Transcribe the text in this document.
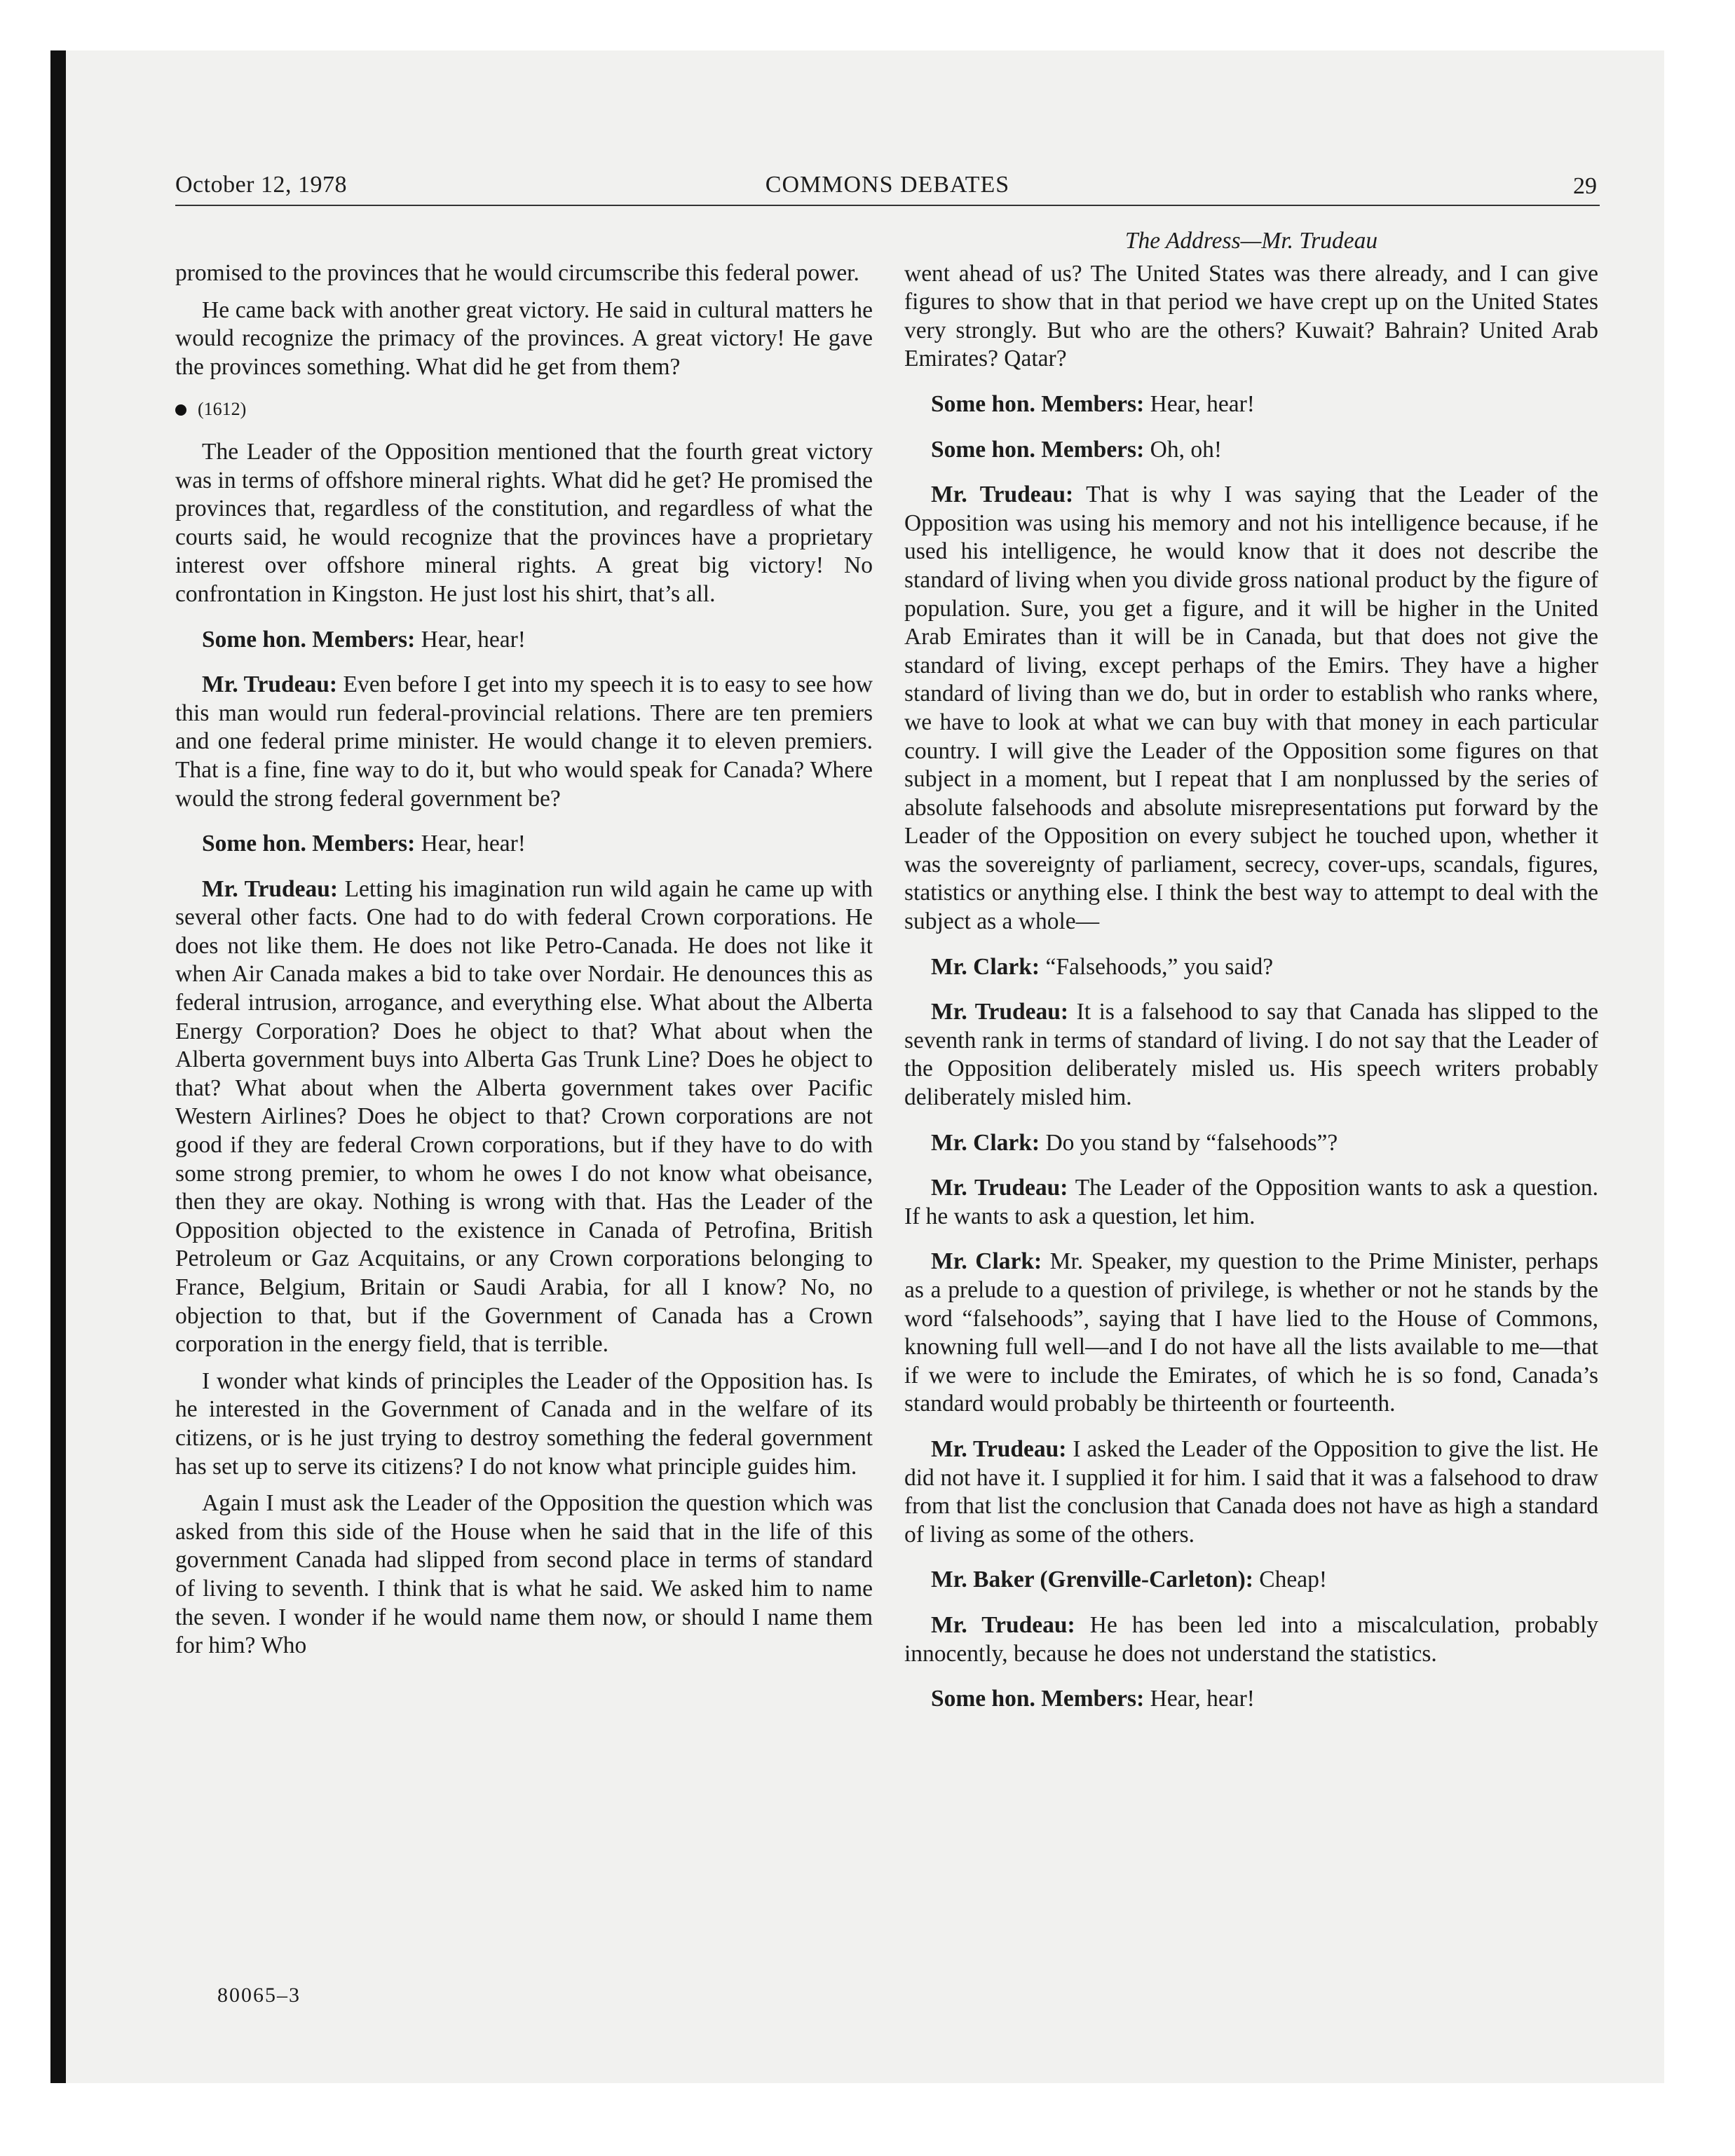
October 12, 1978	COMMONS DEBATES	29

promised to the provinces that he would circumscribe this federal power.

He came back with another great victory. He said in cultural matters he would recognize the primacy of the provinces. A great victory! He gave the provinces something. What did he get from them?

(1612)

The Leader of the Opposition mentioned that the fourth great victory was in terms of offshore mineral rights. What did he get? He promised the provinces that, regardless of the constitution, and regardless of what the courts said, he would recognize that the provinces have a proprietary interest over offshore mineral rights. A great big victory! No confrontation in Kingston. He just lost his shirt, that’s all.

Some hon. Members: Hear, hear!

Mr. Trudeau: Even before I get into my speech it is to easy to see how this man would run federal-provincial relations. There are ten premiers and one federal prime minister. He would change it to eleven premiers. That is a fine, fine way to do it, but who would speak for Canada? Where would the strong federal government be?

Some hon. Members: Hear, hear!

Mr. Trudeau: Letting his imagination run wild again he came up with several other facts. One had to do with federal Crown corporations. He does not like them. He does not like Petro-Canada. He does not like it when Air Canada makes a bid to take over Nordair. He denounces this as federal intrusion, arrogance, and everything else. What about the Alberta Energy Corporation? Does he object to that? What about when the Alberta government buys into Alberta Gas Trunk Line? Does he object to that? What about when the Alberta government takes over Pacific Western Airlines? Does he object to that? Crown corporations are not good if they are federal Crown corporations, but if they have to do with some strong premier, to whom he owes I do not know what obeisance, then they are okay. Nothing is wrong with that. Has the Leader of the Opposition objected to the existence in Canada of Petrofina, British Petroleum or Gaz Acquitains, or any Crown corporations belonging to France, Belgium, Britain or Saudi Arabia, for all I know? No, no objection to that, but if the Government of Canada has a Crown corporation in the energy field, that is terrible.

I wonder what kinds of principles the Leader of the Opposition has. Is he interested in the Government of Canada and in the welfare of its citizens, or is he just trying to destroy something the federal government has set up to serve its citizens? I do not know what principle guides him.

Again I must ask the Leader of the Opposition the question which was asked from this side of the House when he said that in the life of this government Canada had slipped from second place in terms of standard of living to seventh. I think that is what he said. We asked him to name the seven. I wonder if he would name them now, or should I name them for him? Who

The Address—Mr. Trudeau

went ahead of us? The United States was there already, and I can give figures to show that in that period we have crept up on the United States very strongly. But who are the others? Kuwait? Bahrain? United Arab Emirates? Qatar?

Some hon. Members: Hear, hear!

Some hon. Members: Oh, oh!

Mr. Trudeau: That is why I was saying that the Leader of the Opposition was using his memory and not his intelligence because, if he used his intelligence, he would know that it does not describe the standard of living when you divide gross national product by the figure of population. Sure, you get a figure, and it will be higher in the United Arab Emirates than it will be in Canada, but that does not give the standard of living, except perhaps of the Emirs. They have a higher standard of living than we do, but in order to establish who ranks where, we have to look at what we can buy with that money in each particular country. I will give the Leader of the Opposition some figures on that subject in a moment, but I repeat that I am nonplussed by the series of absolute falsehoods and absolute misrepresentations put forward by the Leader of the Opposition on every subject he touched upon, whether it was the sovereignty of parliament, secrecy, cover-ups, scandals, figures, statistics or anything else. I think the best way to attempt to deal with the subject as a whole—

Mr. Clark: “Falsehoods,” you said?

Mr. Trudeau: It is a falsehood to say that Canada has slipped to the seventh rank in terms of standard of living. I do not say that the Leader of the Opposition deliberately misled us. His speech writers probably deliberately misled him.

Mr. Clark: Do you stand by “falsehoods”?

Mr. Trudeau: The Leader of the Opposition wants to ask a question. If he wants to ask a question, let him.

Mr. Clark: Mr. Speaker, my question to the Prime Minister, perhaps as a prelude to a question of privilege, is whether or not he stands by the word “falsehoods”, saying that I have lied to the House of Commons, knowning full well—and I do not have all the lists available to me—that if we were to include the Emirates, of which he is so fond, Canada’s standard would probably be thirteenth or fourteenth.

Mr. Trudeau: I asked the Leader of the Opposition to give the list. He did not have it. I supplied it for him. I said that it was a falsehood to draw from that list the conclusion that Canada does not have as high a standard of living as some of the others.

Mr. Baker (Grenville-Carleton): Cheap!

Mr. Trudeau: He has been led into a miscalculation, probably innocently, because he does not understand the statistics.

Some hon. Members: Hear, hear!

80065–3
